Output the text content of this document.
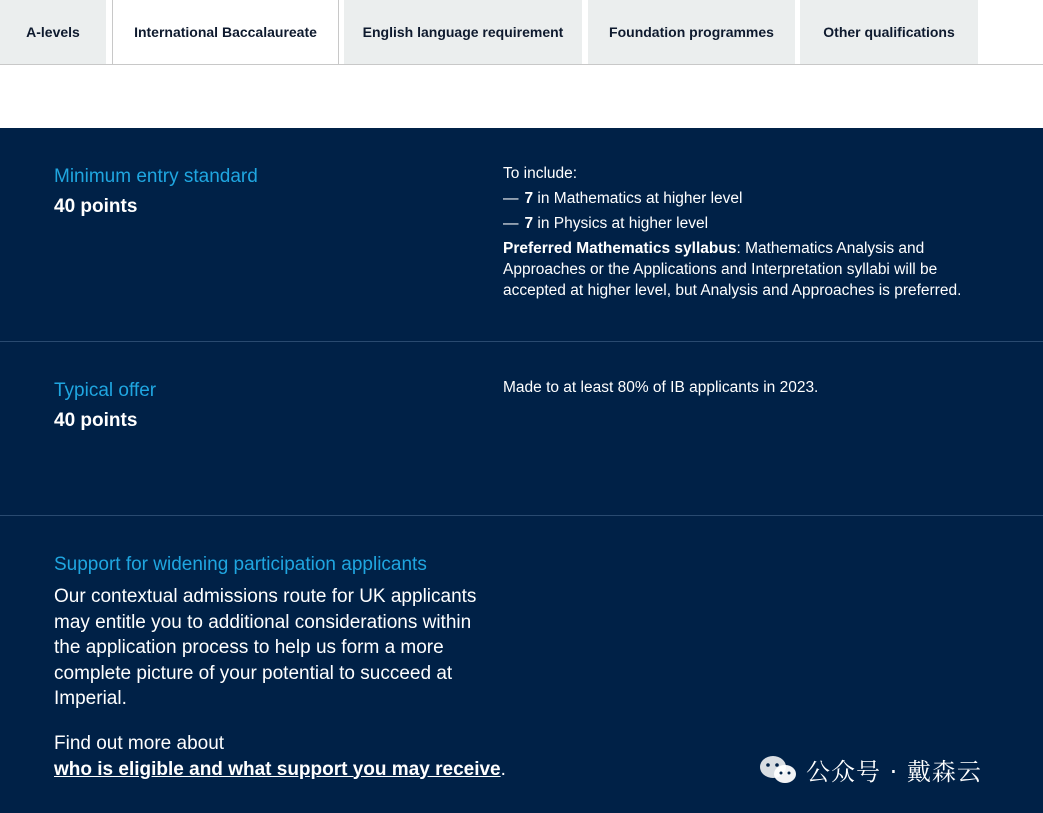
A-levels	International Baccalaureate	English language requirement	Foundation programmes	Other qualifications
Minimum entry standard
40 points
To include:
— 7 in Mathematics at higher level
— 7 in Physics at higher level
Preferred Mathematics syllabus: Mathematics Analysis and Approaches or the Applications and Interpretation syllabi will be accepted at higher level, but Analysis and Approaches is preferred.
Typical offer
40 points
Made to at least 80% of IB applicants in 2023.
Support for widening participation applicants
Our contextual admissions route for UK applicants may entitle you to additional considerations within the application process to help us form a more complete picture of your potential to succeed at Imperial.
Find out more about
who is eligible and what support you may receive.	公众号 · 戴森云
